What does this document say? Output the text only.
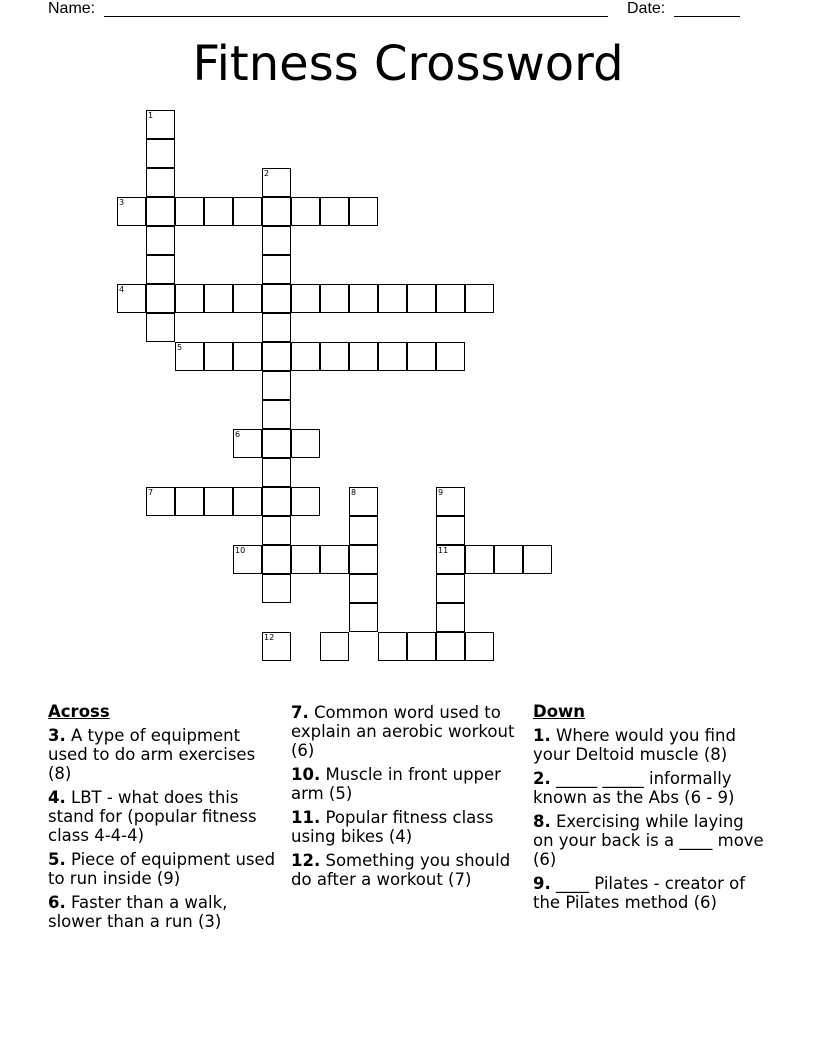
Name:	Date:
Fitness Crossword
1
2
3
4
5
6
7	8
10
9
11
12
Across
3. A type of equipment used to do arm exercises (8)
4. LBT - what does this stand for (popular fitness class 4-4-4)
5. Piece of equipment used to run inside (9)
6. Faster than a walk, slower than a run (3)
7. Common word used to explain an aerobic workout (6)
10. Muscle in front upper arm (5)
11. Popular fitness class using bikes (4)
12. Something you should do after a workout (7)
Down
1. Where would you find your Deltoid muscle (8)
2. _____ _____ informally known as the Abs (6 - 9)
8. Exercising while laying on your back is a ____ move (6)
9. ____ Pilates - creator of the Pilates method (6)
